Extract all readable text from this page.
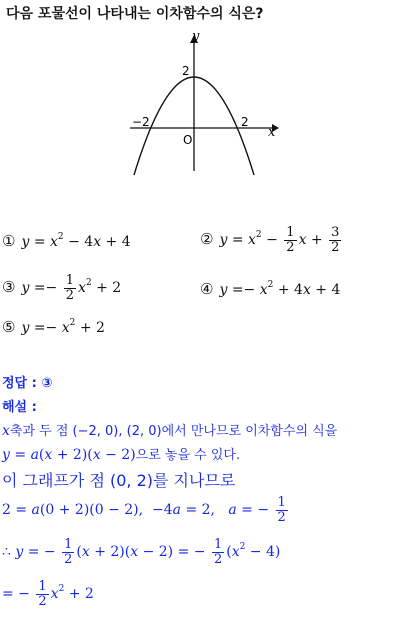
다음 포물선이 나타내는 이차함수의 식은?
y
x
2
−2	2
O
① $y = x^2 - 4x + 4$	② $y = x^2 - \frac{1}{2}$ $x + \frac{3}{2}$
③ $y =- \frac{1}{2} x^2 + 2$	④ $y =- x^2 + 4x + 4$
⑤ $y =- x^2 + 2$
정답 : ③
해설 :
x축과 두 점 (−2, 0), (2, 0)에서 만나므로 이차함수의 식을
y = a(x + 2)(x − 2)으로 놓을 수 있다.
이 그래프가 점 (0, 2)를 지나므로
2 = a(0 + 2)(0 − 2),  −4a = 2,   a = − $\frac{1}{2}$
∴ y = − $\frac{1}{2} (x + 2)(x - 2)$ = − $\frac{1}{2} (x^2 - 4)$
= − $\frac{1}{2} x^2 + 2$
